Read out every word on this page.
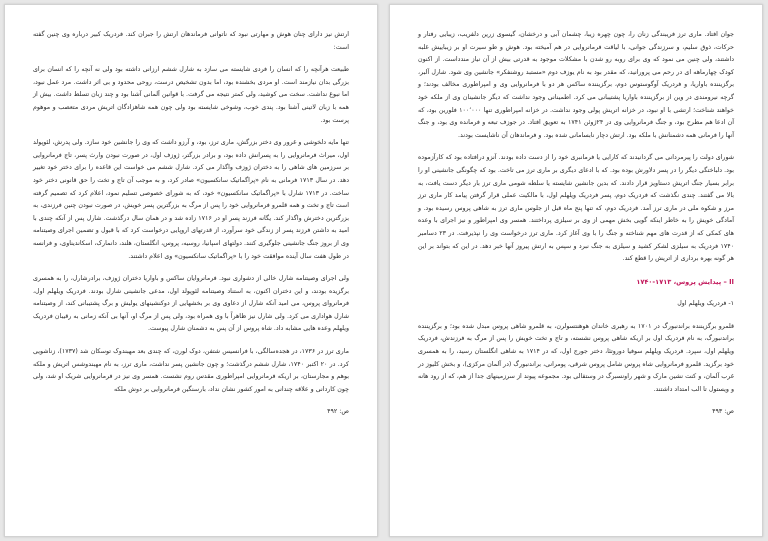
ارتش نیز دارای چنان هوش و مهارتی نبود که ناتوانی فرماندهان ارتش را جبران کند. فردریک کبیر درباره وی چنین گفته است:

طبیعت هرآنچه را که انسان را فردی شایسته می سازد به شارل ششم ارزانی داشته بود ولی نه آنچه را که انسان برای بزرگی بدان نیازمند است. او مردی بخشنده بود، اما بدون تشخیص درست، روحی محدود و بی اثر داشت. مرد عمل نبود، اما نبوغ نداشت. سخت می کوشید، ولی کمتر نتیجه می گرفت. با قوانین آلمانی آشنا بود و چند زبان تسلط داشت. بیش از همه با زبان لاتینی آشنا بود. پندی خوب، وشوخی شایسته بود ولی چون همه شاهزادگان اتریش مردی متعصب و موهوم پرست بود.

تنها مایه دلخوشی و غرور وی دختر بزرگش، ماری ترز، بود، و آرزو داشت که وی را جانشین خود سازد. ولی پدرش، لئوپولد اول، میراث فرمانروایی را به پسرانش داده بود، و برادر بزرگتر، ژوزف اول، در صورت نبودن وارث پسر، تاج فرمانروایی بر سرزمین های شاهی را به دختران ژوزف واگذار می کرد. شارل ششم می خواست این قاعده را برای دختر خود تغییر دهد. در سال ۱۷۱۳ فرمانی به نام «پراگماتیک سانکسیون» صادر کرد، و به موجب آن تاج و تخت را حق قانونی دختر خود ساخت. در ۱۷۱۳ شارل با «پراگماتیک سانکسیون» خود، که به شورای خصوصی تسلیم نمود، اعلام کرد که تصمیم گرفته است تاج و تخت و همه قلمرو فرمانروایی خود را پس از مرگ به بزرگترین پسر خویش، در صورت نبودن چنین فرزندی، به بزرگترین دخترش واگذار کند. یگانه فرزند پسر او در ۱۷۱۶ زاده شد و در همان سال درگذشت. شارل پس از آنکه چندی با امید به داشتن فرزند پسر از زندگی خود سرآورد، از قدرتهای اروپایی درخواست کرد که با قبول و تضمین اجرای وصیتنامه وی از بروز جنگ جانشینی جلوگیری کنند. دولتهای اسپانیا، روسیه، پروس، انگلستان، هلند، دانمارک، اسکاندیناوی، و فرانسه در طول هفت سال آینده موافقت خود را با «پراگماتیک سانکسیون» وی اعلام داشتند.

ولی اجرای وصیتنامه شارل خالی از دشواری نبود. فرمانروایان ساکس و باواریا دختران ژوزف، برادرشارل، را به همسری برگزیده بودند، و این دختران اکنون، به استناد وصیتنامه لئوپولد اول، مدعی جانشینی شارل بودند. فردریک ویلهلم اول، فرمانروای پروس، می امید آنکه شارل از دعاوی وی بر بخشهایی از دوکنشینهای یولیش و برگ پشتیبانی کند، از وصیتنامه شارل هواداری می کرد. ولی شارل نیز ظاهراً با وی همراه بود، ولی پس از مرگ او، آنها بی آنکه زمانی به رقیبان فردریک ویلهلم وعده هایی مشابه داد. شاه پروس از آن پس به دشمنان شارل پیوست.

ماری ترز در ۱۷۳۶، در هجده‌سالگی، با فرانسیس شتفن، دوک لورن، که چندی بعد مهبندوک توسکان شد (۱۷۳۷)، زناشویی کرد. در ۲۰ اکتبر ۱۷۴۰، شارل ششم درگذشت؛ و چون جانشین پسر نداشت، ماری ترز، به نام مهبندوشس اتریش و ملکه بوهم و مجارستان، بر اریکه فرمانروایی امپراطوری مقدس روم نشست. همسر وی نیز در فرمانروایی شریک او شد، ولی چون کاردانی و علاقه چندانی به امور کشور نشان نداد، بارسنگین فرمانروایی بر دوش ملکه

ص: ۴۹۲

جوان افتاد. ماری ترز فریبندگی زنان را، چون چهره زیبا، چشمان آبی و درخشان، گیسوی زرین دلفریب، زیبایی رفتار و حرکات، ذوق سلیم، و سرزندگی جوانی، با لیاقت فرمانروایی در هم آمیخته بود. هوش و طو سیرت او بر زیباییش غلبه داشتند، ولی چنین می نمود که وی برای روبه رو شدن با مشکلات موجود به قدرتی بیش از آن نیاز مندداست. از اکنون کودک چهارماهه ای در رحم می پرورانید، که مقدر بود به نام یوزف دوم «مستبد روشنفکر» جانشین وی شود. شارل آلبر، برگزیننده باواریا، و فردریک آوگوستوس دوم، برگزیننده ساکس هر دو با فرمانروایی وی و امپراطوری مخالف بودند؛ و گرچه نیرومندی در وین از برگزیننده باواریا پشتیبانی می کرد. اطمینانی وجود نداشت که دیگر جانشینان وی از ملکه خود خواهند شناخت؛ ارتشی با او نبود، در خزانه اتریش پولی وجود نداشت. در خزانه امپراطوری تنها ۱۰۰٬۰۰۰ فلورین بود، که آن ادعا هم مطرح بود، و جنگ فرمانروایی وی در ۲۴ژوئن ۱۷۴۱ به تعویق افتاد. در جوزف تبعه و فرمانده وی بود، و جنگ آنها را فرمانی همه دشمنانش با ملکه بود. ارتش دچار نابسامانی شده بود. و فرماندهان آن ناشایست بودند.

شورای دولت را پیرمردانی می گردانیدند که کارایی یا فرمانبری خود را از دست داده بودند. آنزو درافتاده بود که کارآزموده بود. دلباختگی دیگر را در پسر دلاورش بوده بود. که با ادعای دیگری بر ماری ترز می تاخت. بود که چگونگی جانشینی او را برابر بسیار جنگ اتریش دستاویز قرار دادند. که بدین جانشین شایسته یا سلطه شومی ماری ترز بار دیگر دست یافت، به بالا می گفتند. چندی نگذشت که فردریک دوم، پسر فردریک ویلهلم اول، با مالکیت عملی قرار گرفتن پیامد کار ماری ترز مرز و شکوه ملی در ماری ترز آمد. فردریک دوم، که تنها پنج ماه قبل از جلوس ماری ترز به شاهی پروس رسیده بود. و آمادگی خویش را به خاطر اینکه گویی بخش مهمی از وی بر سیلزی پرداختند. همسر وی امپراطور و نیز اجرای با وعده های کمکی که از قدرت های مهم شناخته و جنگ را با وی آغاز کرد. ماری ترز درخواست وی را نپذیرفت. در ۲۳ دسامبر ۱۷۴۰ فردریک به سیلزی لشکر کشید و سیلزی به جنگ نبرد و سپس به ارتش پیروز آنها خبر دهد. در این که بتواند بر این هر گونه بهره برداری از اتریش را قطع کند.

II – پیدایش پروس، ۱۷۱۳-۱۷۴۰
۱- فردریک ویلهلم اول

قلمرو برگزیننده براندنبورگ در ۱۷۰۱ به رهبری خاندان هوهنتسولرن، به قلمرو شاهی پروس مبدل شده بود؛ و برگزیننده براندنبورگ، به نام فردریک اول بر اریکه شاهی پروس نشسته، و تاج و تخت خویش را پس از مرگ به فرزندش، فردریک ویلهلم اول، سپرد. فردریک ویلهلم سوفیا دوروتئا، دختر جورج اول، که در ۱۷۱۴ به شاهی انگلستان رسید، را به همسری خود برگزید. قلمرو فرمانروایی شاه پروس شامل پروس شرقی، پومرانی، براندنبورگ (در آلمان مرکزی)، و بخش کلیوز در غرب آلمان، و کنت نشین مارک و شهر راونسبرگ در وستفالی بود. مجموعه پیوند از سرزمینهای جدا از هم، که از رود هانه و ویستول تا الب امتداد داشتند.

ص: ۴۹۳
